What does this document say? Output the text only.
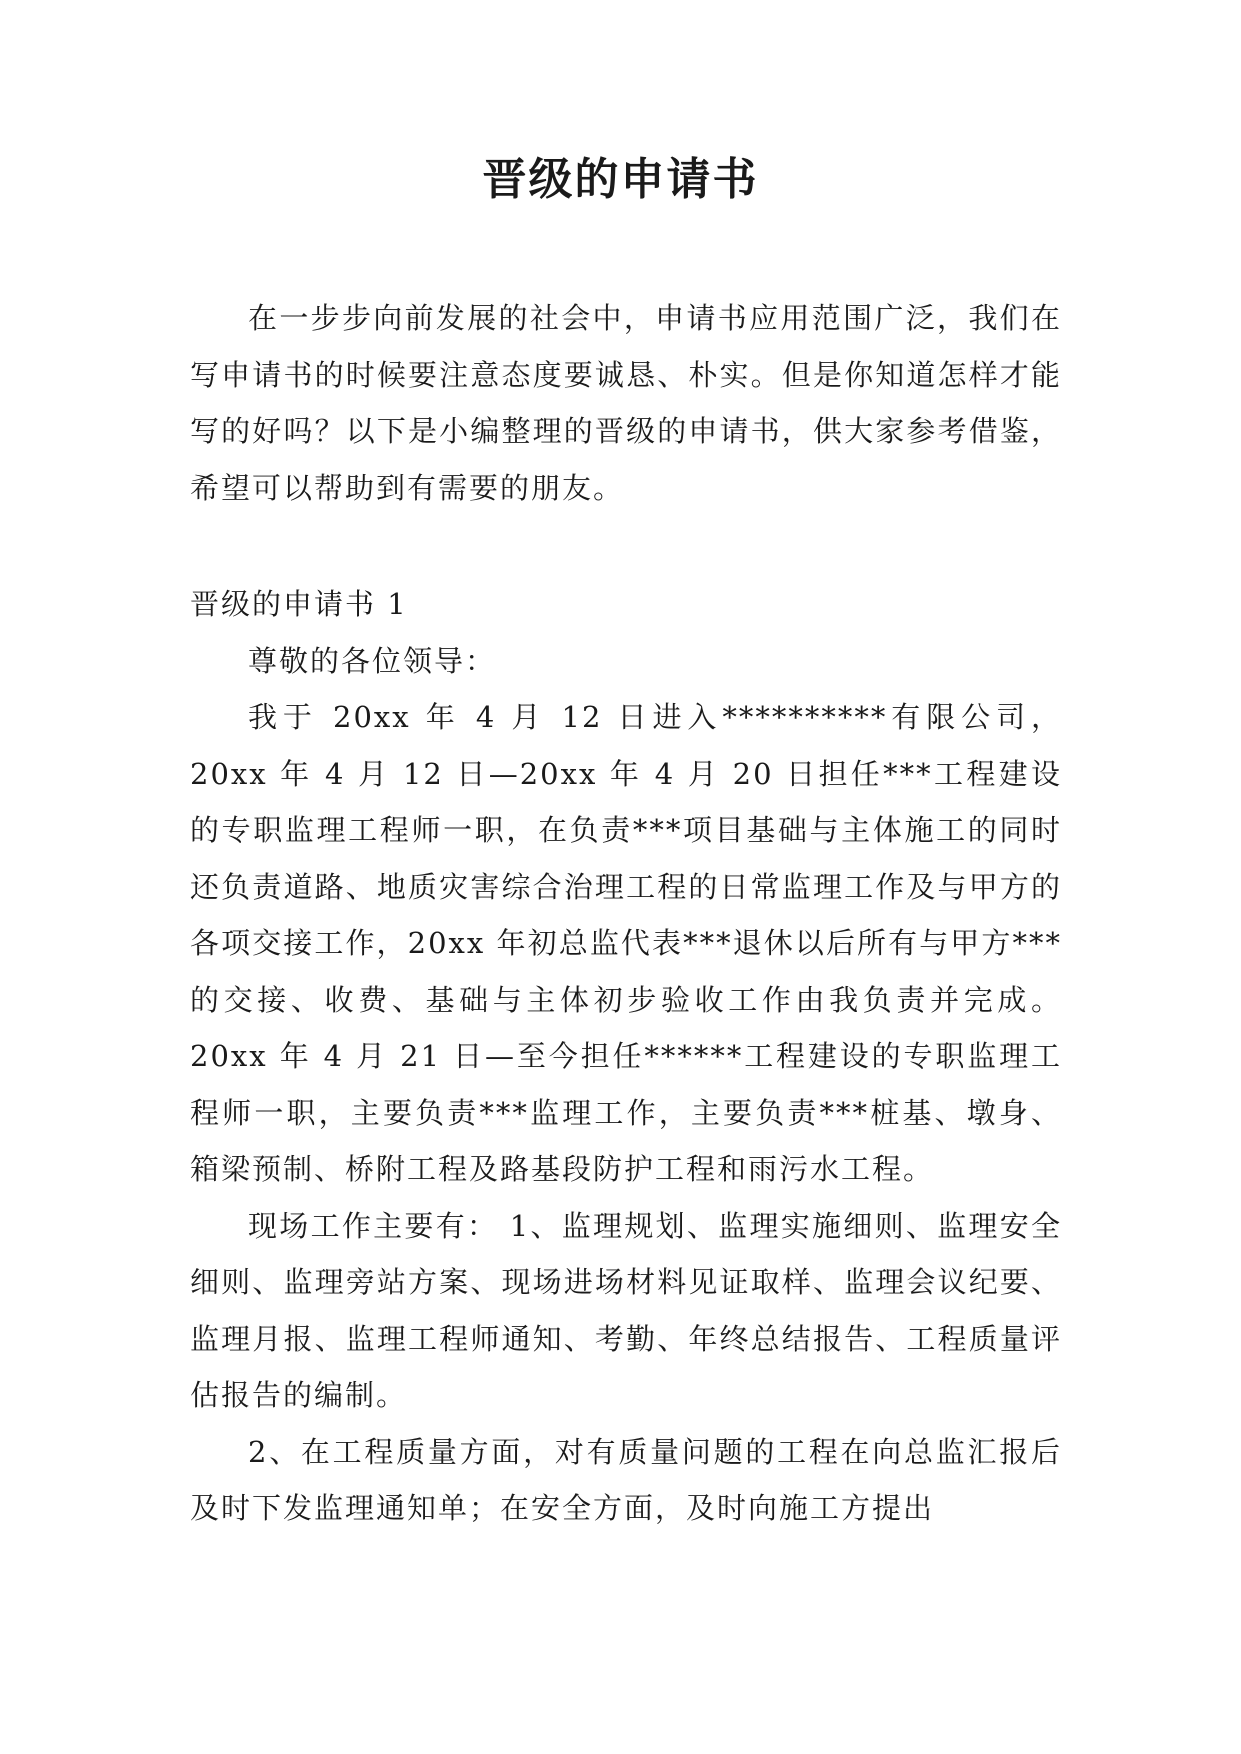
晋级的申请书

在一步步向前发展的社会中，申请书应用范围广泛，我们在写申请书的时候要注意态度要诚恳、朴实。但是你知道怎样才能写的好吗？以下是小编整理的晋级的申请书，供大家参考借鉴，希望可以帮助到有需要的朋友。

晋级的申请书 1

尊敬的各位领导：

我于 20xx 年 4 月 12 日进入**********有限公司，20xx 年 4 月 12 日—20xx 年 4 月 20 日担任***工程建设的专职监理工程师一职，在负责***项目基础与主体施工的同时还负责道路、地质灾害综合治理工程的日常监理工作及与甲方的各项交接工作，20xx 年初总监代表***退休以后所有与甲方***的交接、收费、基础与主体初步验收工作由我负责并完成。20xx 年 4 月 21 日—至今担任******工程建设的专职监理工程师一职，主要负责***监理工作，主要负责***桩基、墩身、箱梁预制、桥附工程及路基段防护工程和雨污水工程。

现场工作主要有： 1、监理规划、监理实施细则、监理安全细则、监理旁站方案、现场进场材料见证取样、监理会议纪要、监理月报、监理工程师通知、考勤、年终总结报告、工程质量评估报告的编制。

2、在工程质量方面，对有质量问题的工程在向总监汇报后及时下发监理通知单；在安全方面，及时向施工方提出
